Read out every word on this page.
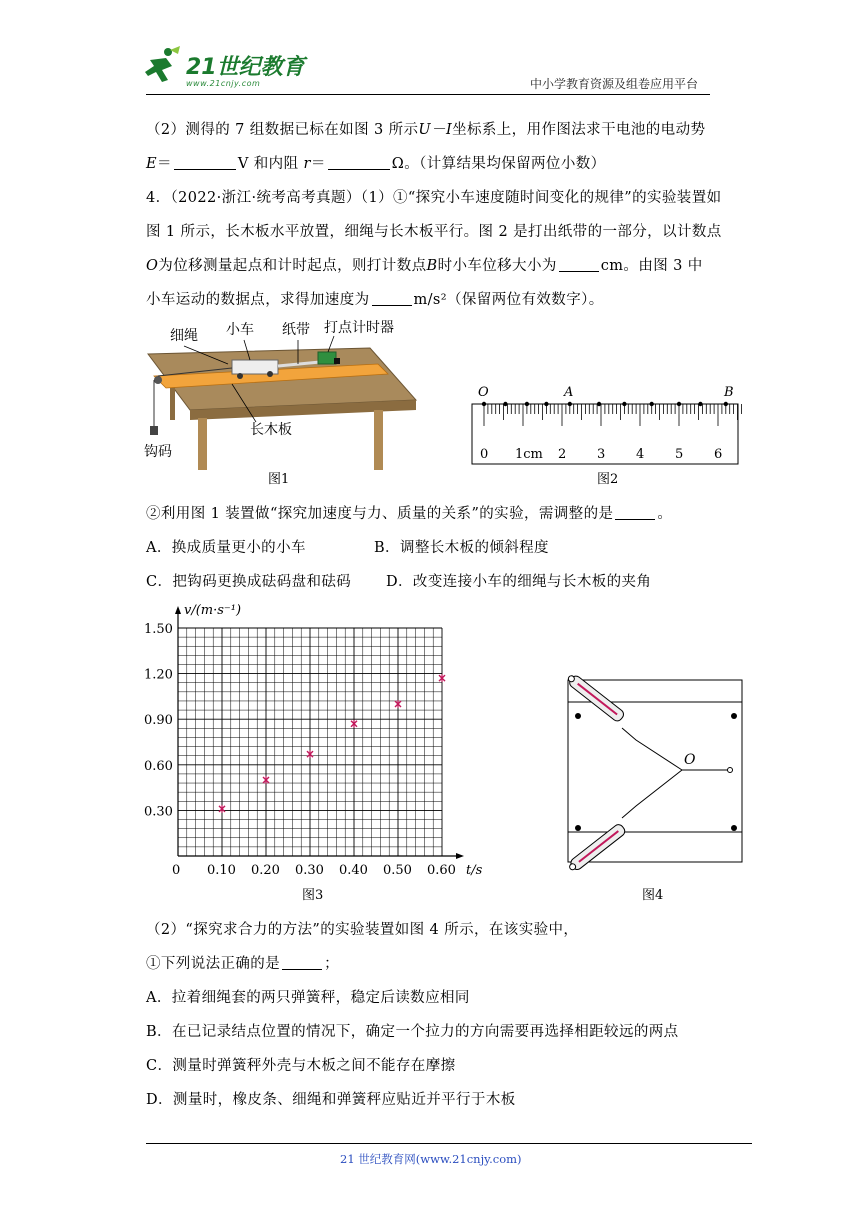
21世纪教育
www.21cnjy.com	中小学教育资源及组卷应用平台
（2）测得的 7 组数据已标在如图 3 所示U－I坐标系上，用作图法求干电池的电动势
E＝	V 和内阻 r＝	Ω。（计算结果均保留两位小数）
4．（2022·浙江·统考高考真题）（1）①“探究小车速度随时间变化的规律”的实验装置如
图 1 所示，长木板水平放置，细绳与长木板平行。图 2 是打出纸带的一部分，以计数点
O为位移测量起点和计时起点，则打计数点B时小车位移大小为	cm。由图 3 中
小车运动的数据点，求得加速度为	m/s²（保留两位有效数字）。
细绳 小车 纸带 打点计时器
长木板
钩码
图1
O	A	B
0 1cm 2 3 4 5 6
图2
②利用图 1 装置做“探究加速度与力、质量的关系”的实验，需调整的是	。
A．换成质量更小的小车	B．调整长木板的倾斜程度
C．把钩码更换成砝码盘和砝码 D．改变连接小车的细绳与长木板的夹角
0.30
0.60
0.90
1.20
1.50
0.10 0.20 0.30 0.40 0.50 0.60
v/(m·s⁻¹)
t/s
0
图3
O
图4
（2）“探究求合力的方法”的实验装置如图 4 所示，在该实验中，
①下列说法正确的是	；
A．拉着细绳套的两只弹簧秤，稳定后读数应相同
B．在已记录结点位置的情况下，确定一个拉力的方向需要再选择相距较远的两点
C．测量时弹簧秤外壳与木板之间不能存在摩擦
D．测量时，橡皮条、细绳和弹簧秤应贴近并平行于木板
21 世纪教育网(www.21cnjy.com)
